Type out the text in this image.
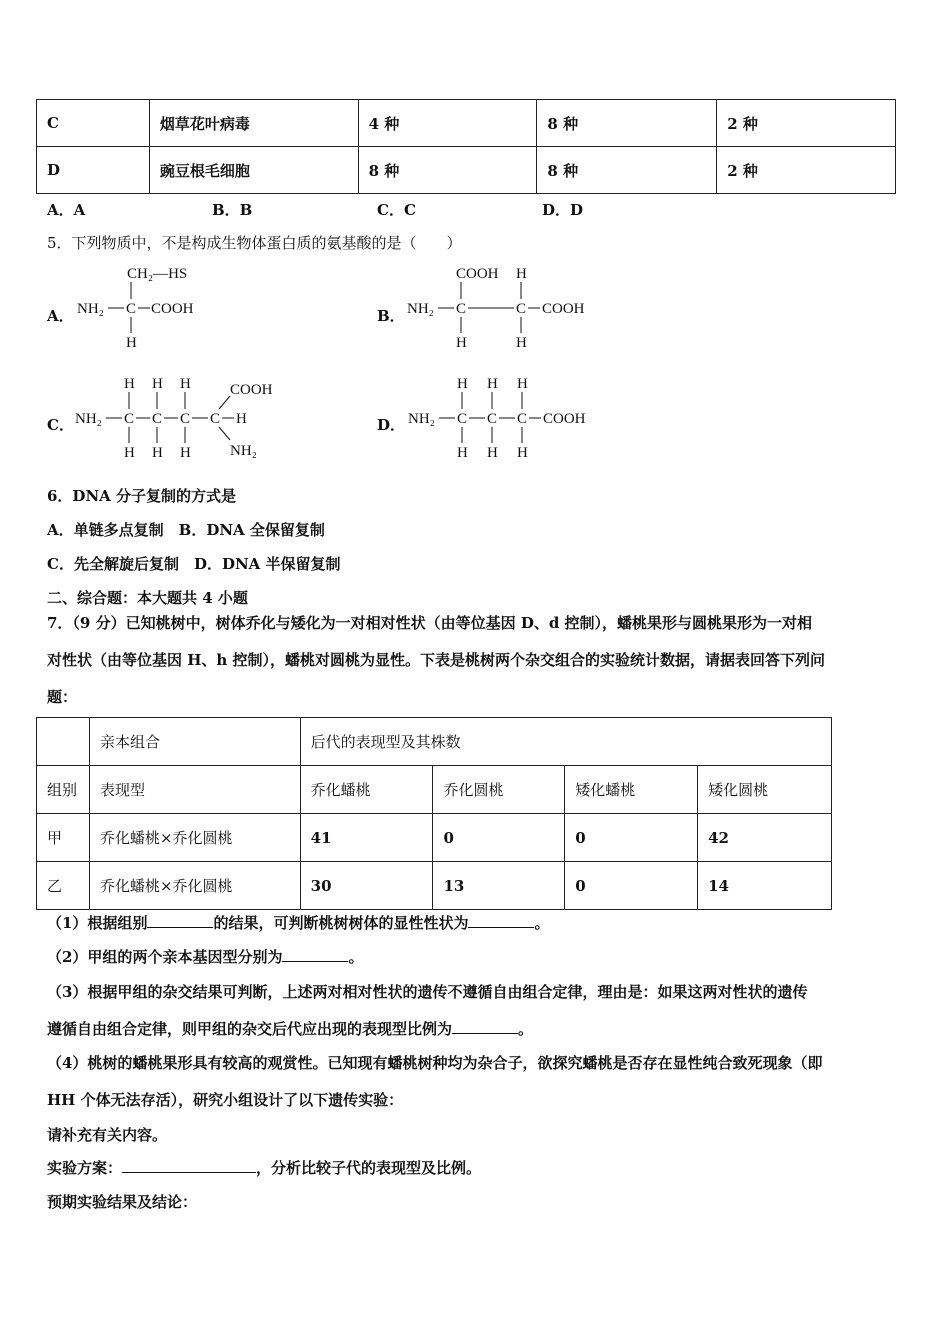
C	烟草花叶病毒	4 种	8 种	2 种
D	豌豆根毛细胞	8 种	8 种	2 种
A．A	B．B	C．C	D．D
5．下列物质中，不是构成生物体蛋白质的氨基酸的是（　　）
A．	B．
C．	D．
CH₂—HS
NH₂ C COOH
H
COOH H
NH₂ C	C COOH
H	H
H H H	COOH
NH₂ C C C C H
H H H	NH₂
H H H
NH₂ C C C COOH
H H H
6．DNA 分子复制的方式是
A．单链多点复制　B．DNA 全保留复制
C．先全解旋后复制　D．DNA 半保留复制
二、综合题：本大题共 4 小题
7．（9 分）已知桃树中，树体乔化与矮化为一对相对性状（由等位基因 D、d 控制），蟠桃果形与圆桃果形为一对相
对性状（由等位基因 H、h 控制），蟠桃对圆桃为显性。下表是桃树两个杂交组合的实验统计数据，请据表回答下列问
题：
	亲本组合	后代的表现型及其株数			
组别	表现型	乔化蟠桃	乔化圆桃	矮化蟠桃	矮化圆桃
甲	乔化蟠桃×乔化圆桃	41	0	0	42
乙	乔化蟠桃×乔化圆桃	30	13	0	14
（1）根据组别	的结果，可判断桃树树体的显性性状为	。
（2）甲组的两个亲本基因型分别为	。
（3）根据甲组的杂交结果可判断，上述两对相对性状的遗传不遵循自由组合定律，理由是：如果这两对性状的遗传
遵循自由组合定律，则甲组的杂交后代应出现的表现型比例为	。
（4）桃树的蟠桃果形具有较高的观赏性。已知现有蟠桃树种均为杂合子，欲探究蟠桃是否存在显性纯合致死现象（即
HH 个体无法存活），研究小组设计了以下遗传实验：
请补充有关内容。
实验方案：	，分析比较子代的表现型及比例。
预期实验结果及结论：
